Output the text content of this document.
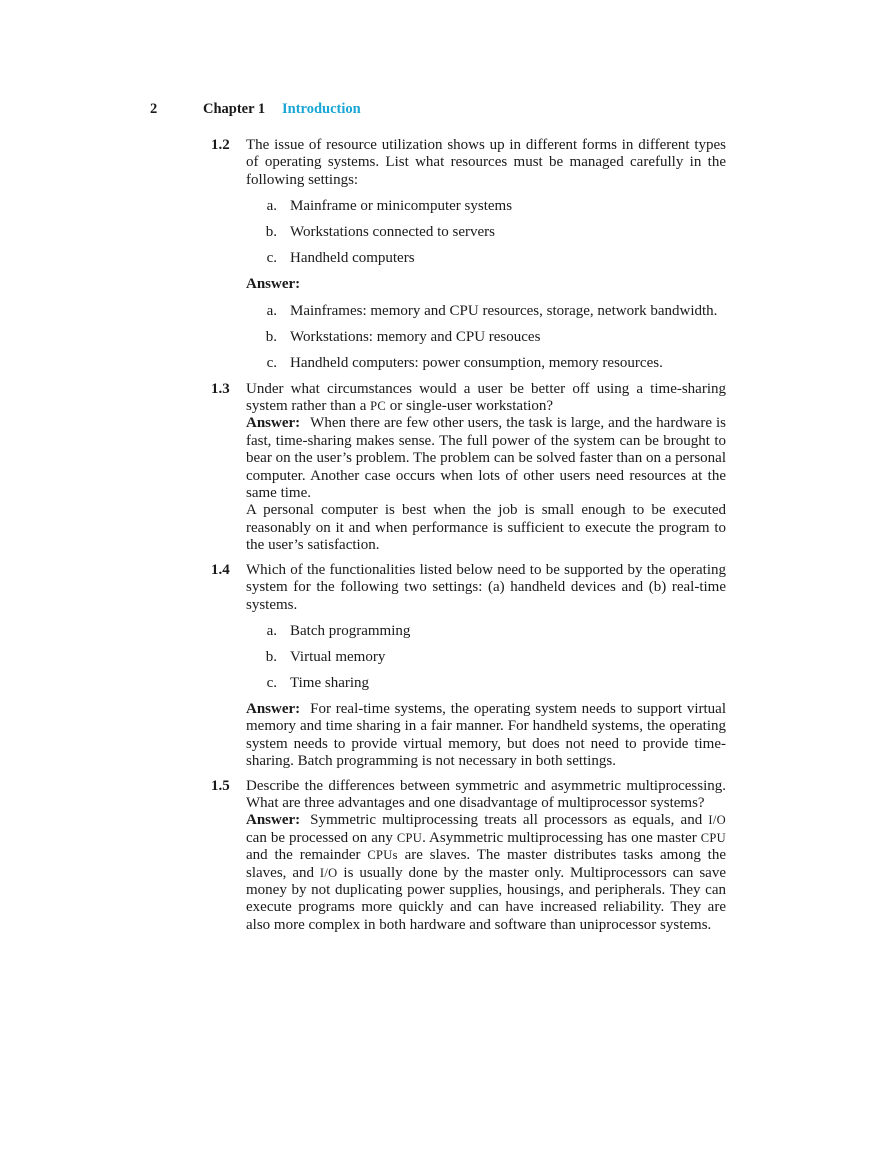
2	Chapter 1 Introduction
1.2 The issue of resource utilization shows up in different forms in different types of operating systems. List what resources must be managed carefully in the following settings:

a. Mainframe or minicomputer systems
b. Workstations connected to servers
c. Handheld computers

Answer:

a. Mainframes: memory and CPU resources, storage, network bandwidth.
b. Workstations: memory and CPU resouces
c. Handheld computers: power consumption, memory resources.
1.3 Under what circumstances would a user be better off using a time-sharing system rather than a PC or single-user workstation?

Answer: When there are few other users, the task is large, and the hardware is fast, time-sharing makes sense. The full power of the system can be brought to bear on the user’s problem. The problem can be solved faster than on a personal computer. Another case occurs when lots of other users need resources at the same time.

A personal computer is best when the job is small enough to be executed reasonably on it and when performance is sufficient to execute the program to the user’s satisfaction.

1.4 Which of the functionalities listed below need to be supported by the operating system for the following two settings: (a) handheld devices and (b) real-time systems.

a. Batch programming
b. Virtual memory
c. Time sharing

Answer: For real-time systems, the operating system needs to support virtual memory and time sharing in a fair manner. For handheld systems, the operating system needs to provide virtual memory, but does not need to provide time-sharing. Batch programming is not necessary in both settings.

1.5 Describe the differences between symmetric and asymmetric multiprocessing. What are three advantages and one disadvantage of multiprocessor systems?

Answer: Symmetric multiprocessing treats all processors as equals, and I/O can be processed on any CPU. Asymmetric multiprocessing has one master CPU and the remainder CPUs are slaves. The master distributes tasks among the slaves, and I/O is usually done by the master only. Multiprocessors can save money by not duplicating power supplies, housings, and peripherals. They can execute programs more quickly and can have increased reliability. They are also more complex in both hardware and software than uniprocessor systems.
